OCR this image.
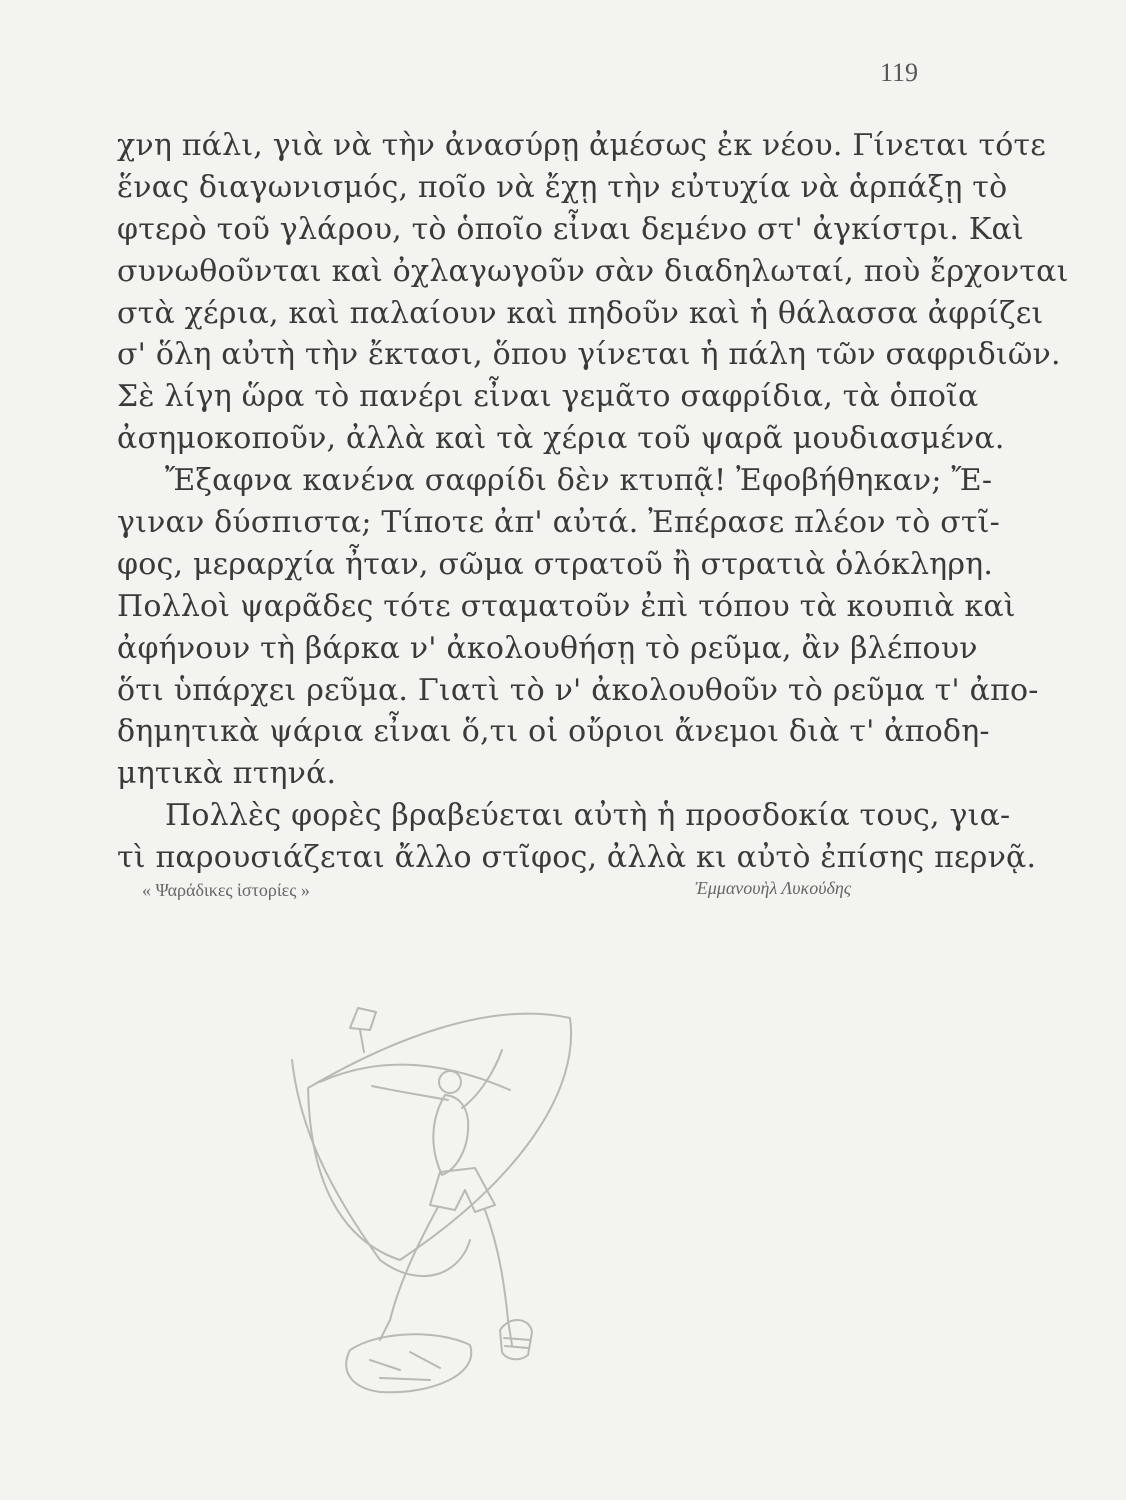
119
χνη πάλι, γιὰ νὰ τὴν ἀνασύρῃ ἀμέσως ἐκ νέου. Γίνεται τότε
ἕνας διαγωνισμός, ποῖο νὰ ἔχῃ τὴν εὐτυχία νὰ ἁρπάξῃ τὸ
φτερὸ τοῦ γλάρου, τὸ ὁποῖο εἶναι δεμένο στ' ἀγκίστρι. Καὶ
συνωθοῦνται καὶ ὀχλαγωγοῦν σὰν διαδηλωταί, ποὺ ἔρχονται
στὰ χέρια, καὶ παλαίουν καὶ πηδοῦν καὶ ἡ θάλασσα ἀφρίζει
σ' ὅλη αὐτὴ τὴν ἔκτασι, ὅπου γίνεται ἡ πάλη τῶν σαφριδιῶν.
Σὲ λίγη ὥρα τὸ πανέρι εἶναι γεμᾶτο σαφρίδια, τὰ ὁποῖα
ἀσημοκοποῦν, ἀλλὰ καὶ τὰ χέρια τοῦ ψαρᾶ μουδιασμένα.
Ἔξαφνα κανένα σαφρίδι δὲν κτυπᾷ! Ἐφοβήθηκαν; Ἔ-
γιναν δύσπιστα; Τίποτε ἀπ' αὐτά. Ἐπέρασε πλέον τὸ στῖ-
φος, μεραρχία ἦταν, σῶμα στρατοῦ ἢ στρατιὰ ὁλόκληρη.
Πολλοὶ ψαρᾶδες τότε σταματοῦν ἐπὶ τόπου τὰ κουπιὰ καὶ
ἀφήνουν τὴ βάρκα ν' ἀκολουθήσῃ τὸ ρεῦμα, ἂν βλέπουν
ὅτι ὑπάρχει ρεῦμα. Γιατὶ τὸ ν' ἀκολουθοῦν τὸ ρεῦμα τ' ἀπο-
δημητικὰ ψάρια εἶναι ὅ,τι οἱ οὔριοι ἄνεμοι διὰ τ' ἀποδη-
μητικὰ πτηνά.
Πολλὲς φορὲς βραβεύεται αὐτὴ ἡ προσδοκία τους, για-
τὶ παρουσιάζεται ἄλλο στῖφος, ἀλλὰ κι αὐτὸ ἐπίσης περνᾷ.
« Ψαράδικες ἱστορίες »	Ἐμμανουὴλ Λυκούδης
